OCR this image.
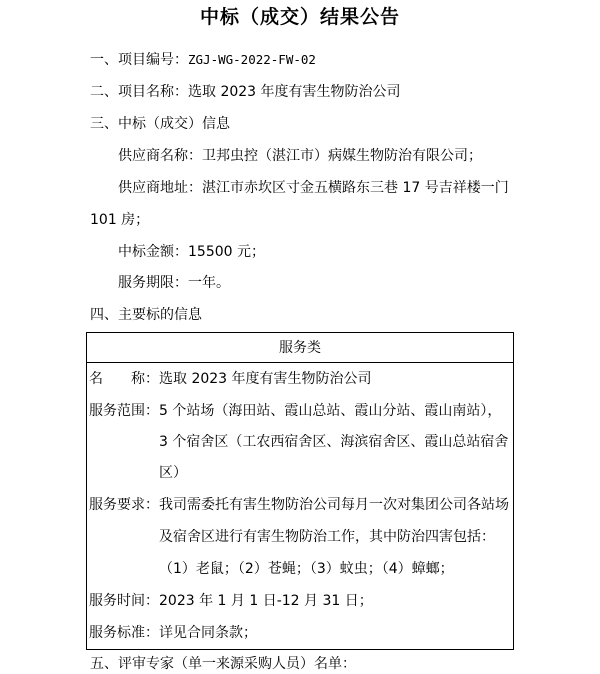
中标（成交）结果公告
一、项目编号：ZGJ-WG-2022-FW-02
二、项目名称：选取 2023 年度有害生物防治公司
三、中标（成交）信息
供应商名称：卫邦虫控（湛江市）病媒生物防治有限公司；
供应商地址：湛江市赤坎区寸金五横路东三巷 17 号吉祥楼一门
101 房；
中标金额：15500 元；
服务期限：一年。
四、主要标的信息
服务类
名　　称： 选取 2023 年度有害生物防治公司
服务范围： 5 个站场（海田站、霞山总站、霞山分站、霞山南站），
3 个宿舍区（工农西宿舍区、海滨宿舍区、霞山总站宿舍
区）
服务要求： 我司需委托有害生物防治公司每月一次对集团公司各站场
及宿舍区进行有害生物防治工作，其中防治四害包括：
（1）老鼠；（2）苍蝇；（3）蚊虫；（4）蟑螂；
服务时间： 2023 年 1 月 1 日-12 月 31 日；
服务标准： 详见合同条款；
五、评审专家（单一来源采购人员）名单：
